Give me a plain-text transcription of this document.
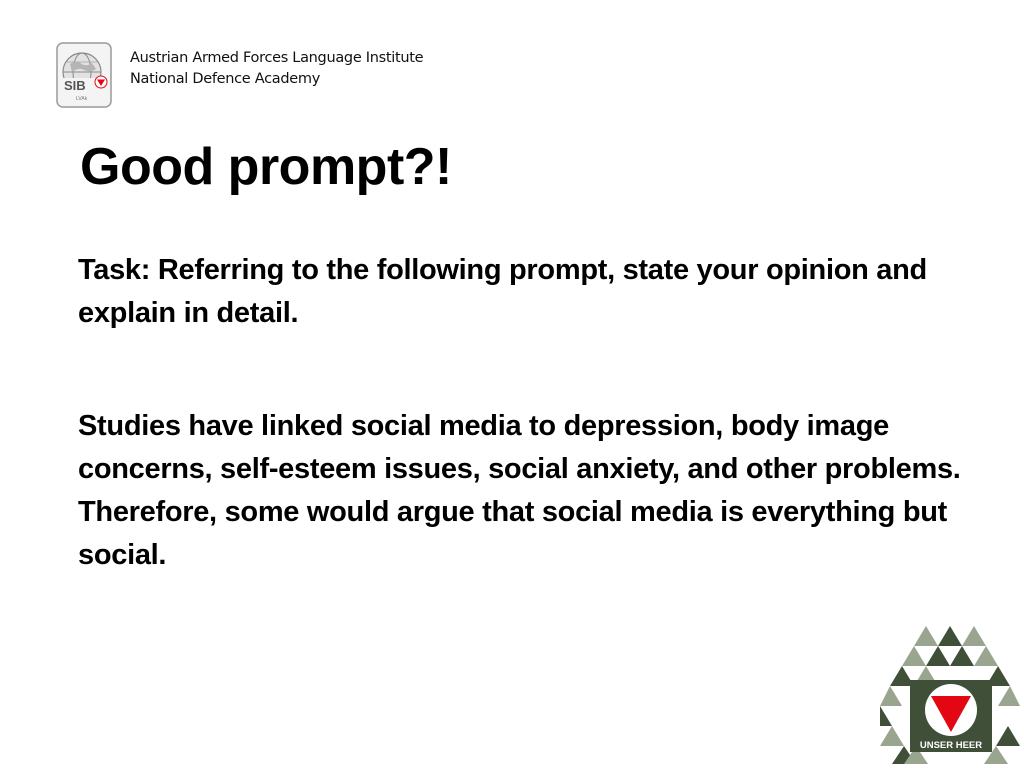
SIB
LVAk
Austrian Armed Forces Language Institute
National Defence Academy
Good prompt?!

Task: Referring to the following prompt, state your opinion and explain in detail.

Studies have linked social media to depression, body image concerns, self-esteem issues, social anxiety, and other problems. Therefore, some would argue that social media is everything but social.

UNSER HEER
